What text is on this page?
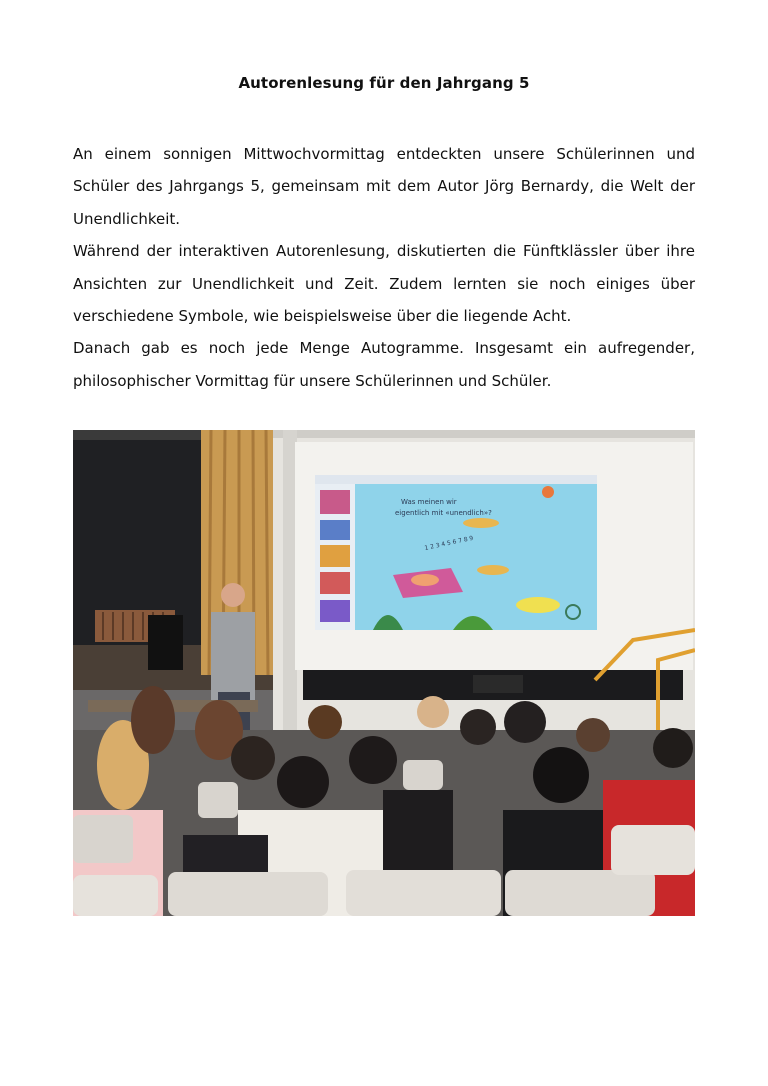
Autorenlesung für den Jahrgang 5

An einem sonnigen Mittwochvormittag entdeckten unsere Schülerinnen und Schüler des Jahrgangs 5, gemeinsam mit dem Autor Jörg Bernardy, die Welt der Unendlichkeit.

Während der interaktiven Autorenlesung, diskutierten die Fünftklässler über ihre Ansichten zur Unendlichkeit und Zeit. Zudem lernten sie noch einiges über verschiedene Symbole, wie beispielsweise über die liegende Acht.

Danach gab es noch jede Menge Autogramme. Insgesamt ein aufregender, philosophischer Vormittag für unsere Schülerinnen und Schüler.

Was meinen wir
eigentlich mit «unendlich»?
1 2 3 4 5 6 7 8 9
